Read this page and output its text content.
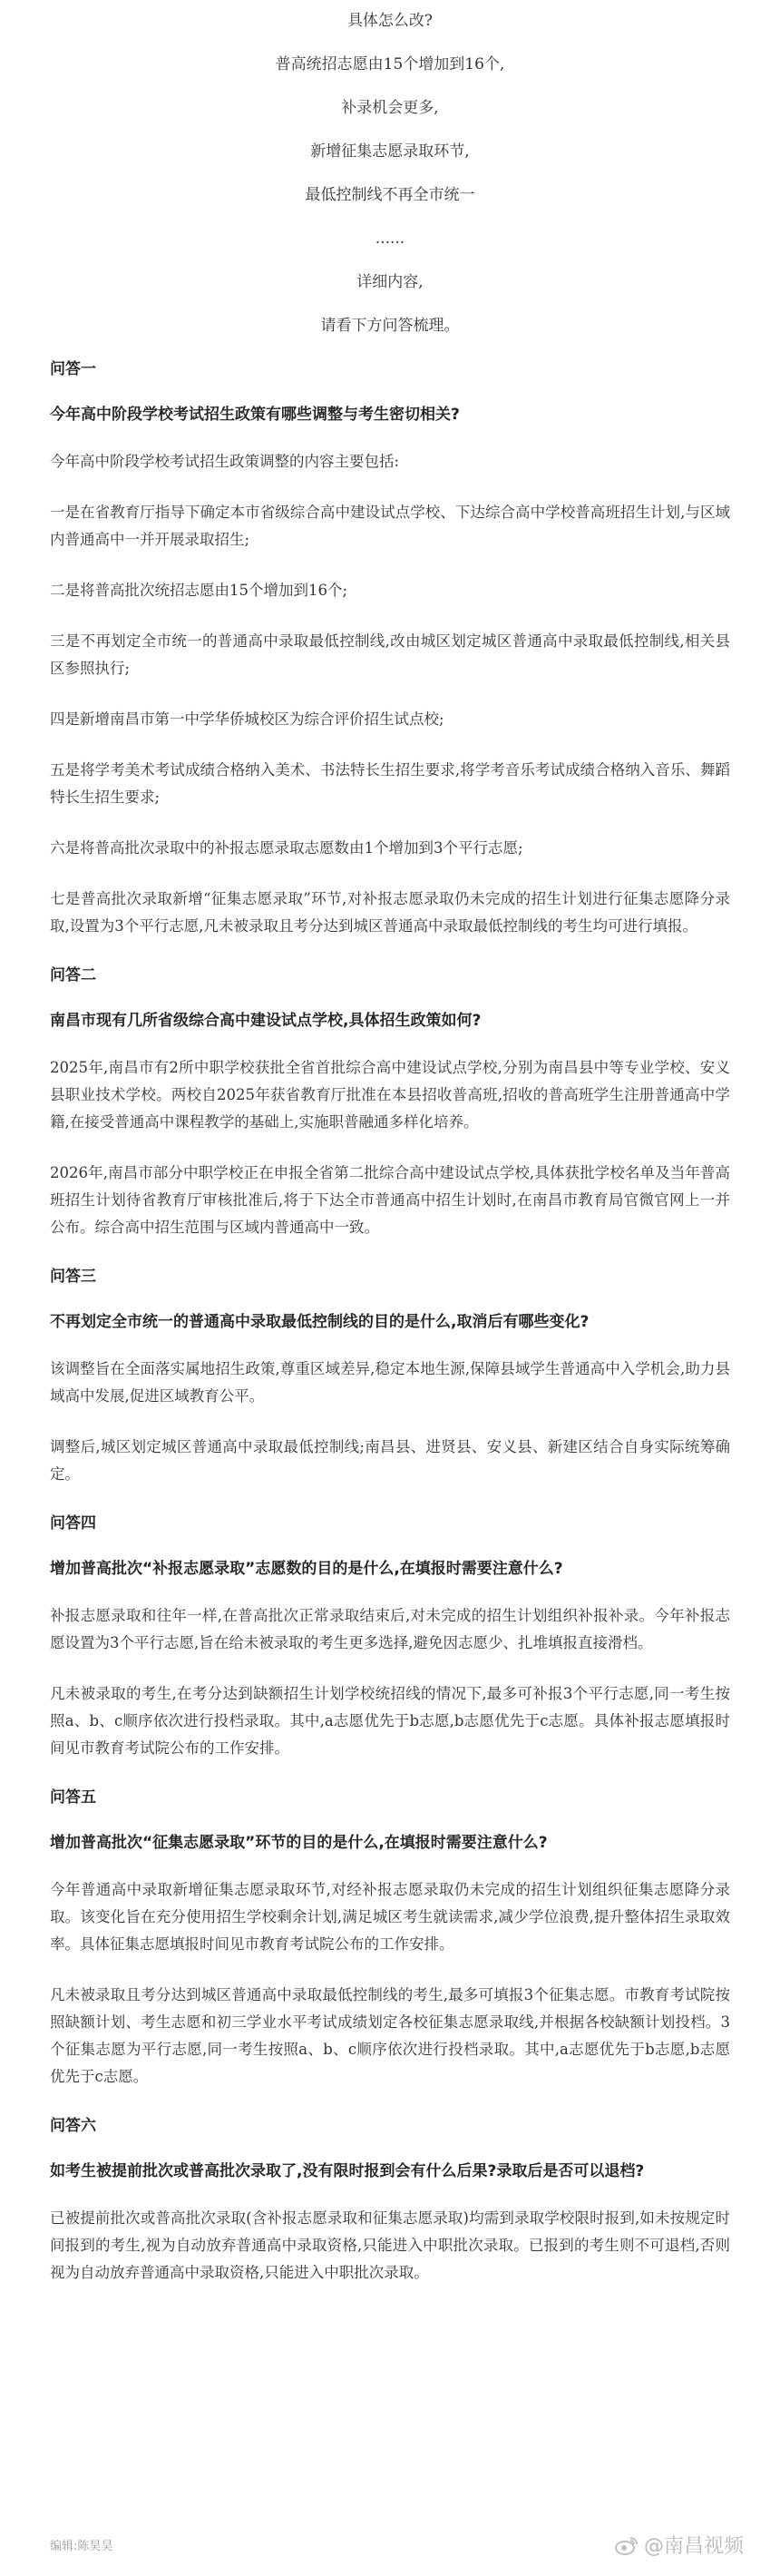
具体怎么改?

普高统招志愿由15个增加到16个,

补录机会更多,

新增征集志愿录取环节,

最低控制线不再全市统一

......

详细内容,

请看下方问答梳理。

问答一
今年高中阶段学校考试招生政策有哪些调整与考生密切相关?

今年高中阶段学校考试招生政策调整的内容主要包括:

一是在省教育厅指导下确定本市省级综合高中建设试点学校、下达综合高中学校普高班招生计划,与区域内普通高中一并开展录取招生;

二是将普高批次统招志愿由15个增加到16个;

三是不再划定全市统一的普通高中录取最低控制线,改由城区划定城区普通高中录取最低控制线,相关县区参照执行;

四是新增南昌市第一中学华侨城校区为综合评价招生试点校;

五是将学考美术考试成绩合格纳入美术、书法特长生招生要求,将学考音乐考试成绩合格纳入音乐、舞蹈特长生招生要求;

六是将普高批次录取中的补报志愿录取志愿数由1个增加到3个平行志愿;

七是普高批次录取新增“征集志愿录取”环节,对补报志愿录取仍未完成的招生计划进行征集志愿降分录取,设置为3个平行志愿,凡未被录取且考分达到城区普通高中录取最低控制线的考生均可进行填报。

问答二
南昌市现有几所省级综合高中建设试点学校,具体招生政策如何?

2025年,南昌市有2所中职学校获批全省首批综合高中建设试点学校,分别为南昌县中等专业学校、安义县职业技术学校。两校自2025年获省教育厅批准在本县招收普高班,招收的普高班学生注册普通高中学籍,在接受普通高中课程教学的基础上,实施职普融通多样化培养。

2026年,南昌市部分中职学校正在申报全省第二批综合高中建设试点学校,具体获批学校名单及当年普高班招生计划待省教育厅审核批准后,将于下达全市普通高中招生计划时,在南昌市教育局官微官网上一并公布。综合高中招生范围与区域内普通高中一致。

问答三
不再划定全市统一的普通高中录取最低控制线的目的是什么,取消后有哪些变化?

该调整旨在全面落实属地招生政策,尊重区域差异,稳定本地生源,保障县域学生普通高中入学机会,助力县域高中发展,促进区域教育公平。

调整后,城区划定城区普通高中录取最低控制线;南昌县、进贤县、安义县、新建区结合自身实际统筹确定。

问答四
增加普高批次“补报志愿录取”志愿数的目的是什么,在填报时需要注意什么?

补报志愿录取和往年一样,在普高批次正常录取结束后,对未完成的招生计划组织补报补录。今年补报志愿设置为3个平行志愿,旨在给未被录取的考生更多选择,避免因志愿少、扎堆填报直接滑档。

凡未被录取的考生,在考分达到缺额招生计划学校统招线的情况下,最多可补报3个平行志愿,同一考生按照a、b、c顺序依次进行投档录取。其中,a志愿优先于b志愿,b志愿优先于c志愿。具体补报志愿填报时间见市教育考试院公布的工作安排。

问答五
增加普高批次“征集志愿录取”环节的目的是什么,在填报时需要注意什么?

今年普通高中录取新增征集志愿录取环节,对经补报志愿录取仍未完成的招生计划组织征集志愿降分录取。该变化旨在充分使用招生学校剩余计划,满足城区考生就读需求,减少学位浪费,提升整体招生录取效率。具体征集志愿填报时间见市教育考试院公布的工作安排。

凡未被录取且考分达到城区普通高中录取最低控制线的考生,最多可填报3个征集志愿。市教育考试院按照缺额计划、考生志愿和初三学业水平考试成绩划定各校征集志愿录取线,并根据各校缺额计划投档。3个征集志愿为平行志愿,同一考生按照a、b、c顺序依次进行投档录取。其中,a志愿优先于b志愿,b志愿优先于c志愿。

问答六
如考生被提前批次或普高批次录取了,没有限时报到会有什么后果?录取后是否可以退档?

已被提前批次或普高批次录取(含补报志愿录取和征集志愿录取)均需到录取学校限时报到,如未按规定时间报到的考生,视为自动放弃普通高中录取资格,只能进入中职批次录取。已报到的考生则不可退档,否则视为自动放弃普通高中录取资格,只能进入中职批次录取。

编辑:陈昊昊	@南昌视频
